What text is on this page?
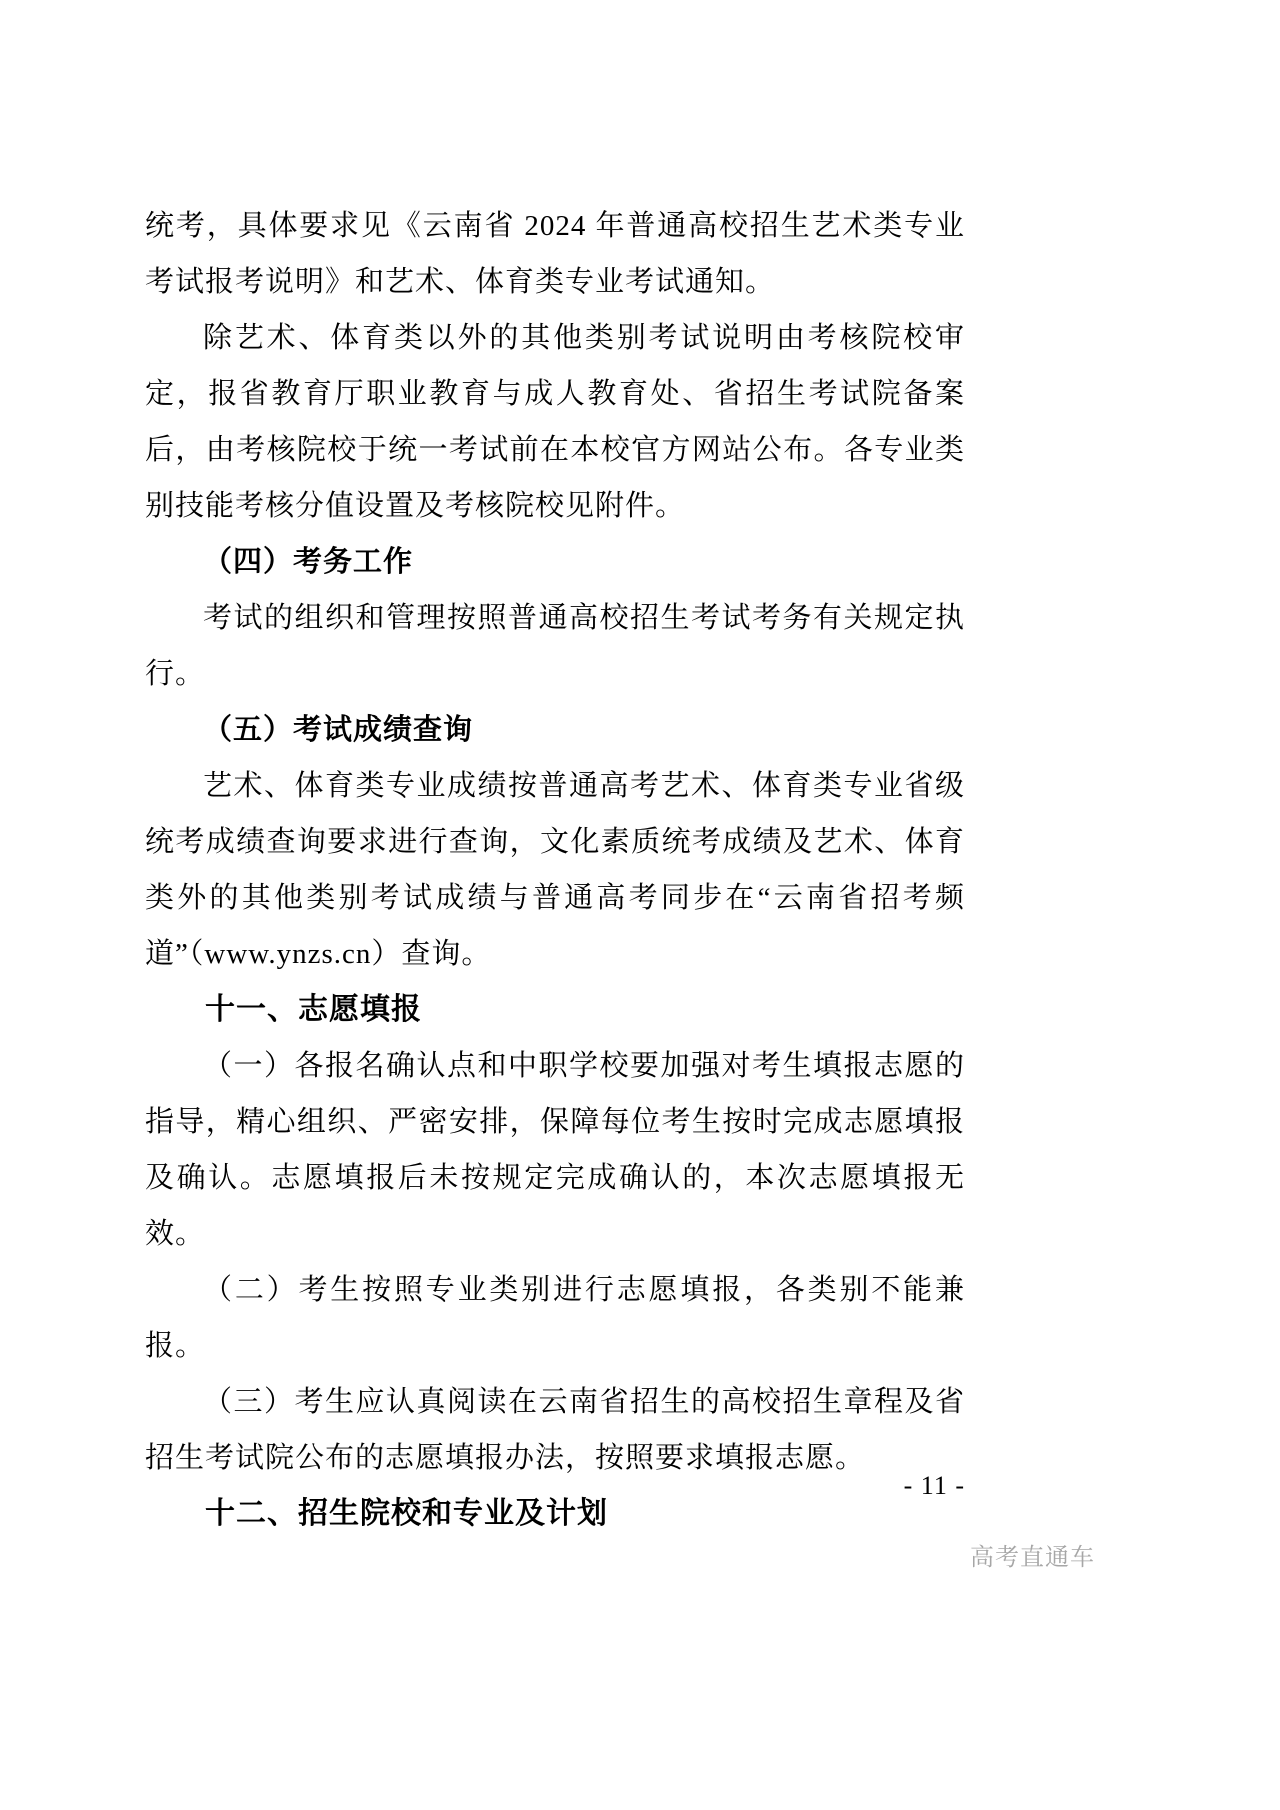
统考，具体要求见《云南省 2024 年普通高校招生艺术类专业考试报考说明》和艺术、体育类专业考试通知。

除艺术、体育类以外的其他类别考试说明由考核院校审定，报省教育厅职业教育与成人教育处、省招生考试院备案后，由考核院校于统一考试前在本校官方网站公布。各专业类别技能考核分值设置及考核院校见附件。

（四）考务工作

考试的组织和管理按照普通高校招生考试考务有关规定执行。

（五）考试成绩查询

艺术、体育类专业成绩按普通高考艺术、体育类专业省级统考成绩查询要求进行查询，文化素质统考成绩及艺术、体育类外的其他类别考试成绩与普通高考同步在“云南省招考频道”（www.ynzs.cn）查询。

十一、志愿填报

（一）各报名确认点和中职学校要加强对考生填报志愿的指导，精心组织、严密安排，保障每位考生按时完成志愿填报及确认。志愿填报后未按规定完成确认的，本次志愿填报无效。

（二）考生按照专业类别进行志愿填报，各类别不能兼报。

（三）考生应认真阅读在云南省招生的高校招生章程及省招生考试院公布的志愿填报办法，按照要求填报志愿。

十二、招生院校和专业及计划

- 11 -
高考直通车
